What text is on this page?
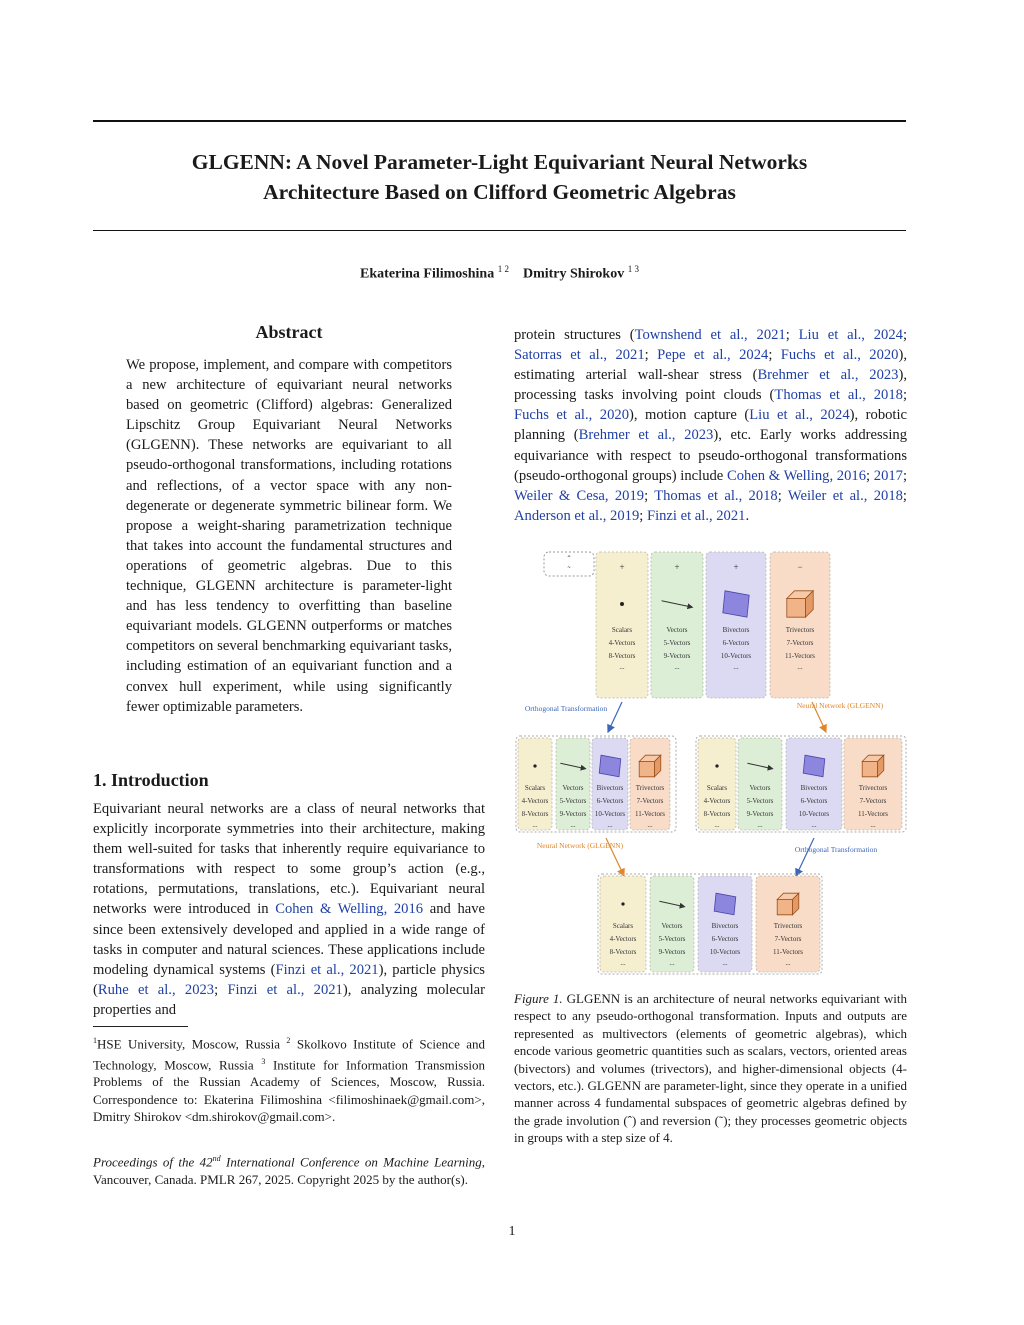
GLGENN: A Novel Parameter-Light Equivariant Neural Networks
Architecture Based on Clifford Geometric Algebras
Ekaterina Filimoshina $^{1 2}$ Dmitry Shirokov $^{1 3}$
Abstract

We propose, implement, and compare with competitors a new architecture of equivariant neural networks based on geometric (Clifford) algebras: Generalized Lipschitz Group Equivariant Neural Networks (GLGENN). These networks are equivariant to all pseudo-orthogonal transformations, including rotations and reflections, of a vector space with any non-degenerate or degenerate symmetric bilinear form. We propose a weight-sharing parametrization technique that takes into account the fundamental structures and operations of geometric algebras. Due to this technique, GLGENN architecture is parameter-light and has less tendency to overfitting than baseline equivariant models. GLGENN outperforms or matches competitors on several benchmarking equivariant tasks, including estimation of an equivariant function and a convex hull experiment, while using significantly fewer optimizable parameters.

1. Introduction

Equivariant neural networks are a class of neural networks that explicitly incorporate symmetries into their architecture, making them well-suited for tasks that inherently require equivariance to transformations with respect to some group’s action (e.g., rotations, permutations, translations, etc.). Equivariant neural networks were introduced in Cohen & Welling, 2016 and have since been extensively developed and applied in a wide range of tasks in computer and natural sciences. These applications include modeling dynamical systems (Finzi et al., 2021), particle physics (Ruhe et al., 2023; Finzi et al., 2021), analyzing molecular properties and

$^1$HSE University, Moscow, Russia $^2$ Skolkovo Institute of Science and Technology, Moscow, Russia $^3$ Institute for Information Transmission Problems of the Russian Academy of Sciences, Moscow, Russia. Correspondence to: Ekaterina Filimoshina <filimoshinaek@gmail.com>, Dmitry Shirokov <dm.shirokov@gmail.com>.
Proceedings of the 42nd International Conference on Machine Learning, Vancouver, Canada. PMLR 267, 2025. Copyright 2025 by the author(s).

protein structures (Townshend et al., 2021; Liu et al., 2024; Satorras et al., 2021; Pepe et al., 2024; Fuchs et al., 2020), estimating arterial wall-shear stress (Brehmer et al., 2023), processing tasks involving point clouds (Thomas et al., 2018; Fuchs et al., 2020), motion capture (Liu et al., 2024), robotic planning (Brehmer et al., 2023), etc. Early works addressing equivariance with respect to pseudo-orthogonal transformations (pseudo-orthogonal groups) include Cohen & Welling, 2016; 2017; Weiler & Cesa, 2019; Thomas et al., 2018; Weiler et al., 2018; Anderson et al., 2019; Finzi et al., 2021.

ˆ
˜
Scalars
4-Vectors
8-Vectors
...
+
Vectors
5-Vectors
9-Vectors
...
+
Bivectors
6-Vectors
10-Vectors
...
+
Trivectors
7-Vectors
11-Vectors
...
−
Orthogonal Transformation	Neural Network (GLGENN)
Scalars
4-Vectors
8-Vectors
...
Vectors
5-Vectors
9-Vectors
...
Bivectors
6-Vectors
10-Vectors
...
Trivectors
7-Vectors
11-Vectors
...
Scalars
4-Vectors
8-Vectors
...
Vectors
5-Vectors
9-Vectors
...
Bivectors
6-Vectors
10-Vectors
...
Trivectors
7-Vectors
11-Vectors
...
Neural Network (GLGENN)	Orthogonal Transformation
Scalars
4-Vectors
8-Vectors
...
Vectors
5-Vectors
9-Vectors
...
Bivectors
6-Vectors
10-Vectors
...
Trivectors
7-Vectors
11-Vectors
...
Figure 1. GLGENN is an architecture of neural networks equivariant with respect to any pseudo-orthogonal transformation. Inputs and outputs are represented as multivectors (elements of geometric algebras), which encode various geometric quantities such as scalars, vectors, oriented areas (bivectors) and volumes (trivectors), and higher-dimensional objects (4-vectors, etc.). GLGENN are parameter-light, since they operate in a unified manner across 4 fundamental subspaces of geometric algebras defined by the grade involution (ˆ) and reversion (˜); they processes geometric objects in groups with a step size of 4.
1
